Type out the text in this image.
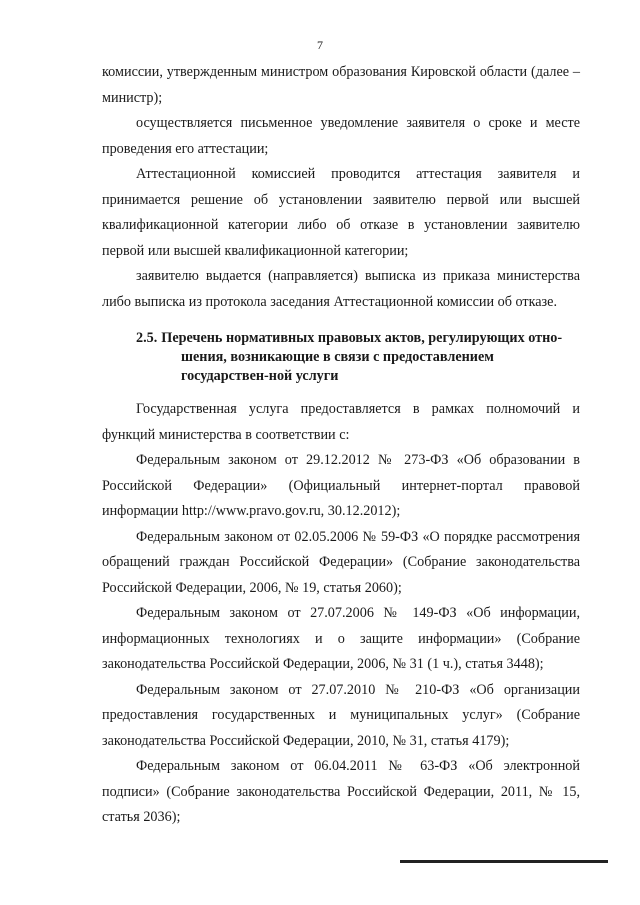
7

комиссии, утвержденным министром образования Кировской области (далее – министр);

осуществляется письменное уведомление заявителя о сроке и месте проведения его аттестации;

Аттестационной комиссией проводится аттестация заявителя и принимается решение об установлении заявителю первой или высшей квалификационной категории либо об отказе в установлении заявителю первой или высшей квалификационной категории;

заявителю выдается (направляется) выписка из приказа министерства либо выписка из протокола заседания Аттестационной комиссии об отказе.

2.5. Перечень нормативных правовых актов, регулирующих отно-
шения, возникающие в связи с предоставлением государствен-ной услуги

Государственная услуга предоставляется в рамках полномочий и функций министерства в соответствии с:

Федеральным законом от 29.12.2012 № 273-ФЗ «Об образовании в Российской Федерации» (Официальный интернет-портал правовой информации http://www.pravo.gov.ru, 30.12.2012);

Федеральным законом от 02.05.2006 № 59-ФЗ «О порядке рассмотрения обращений граждан Российской Федерации» (Собрание законодательства Российской Федерации, 2006, № 19, статья 2060);

Федеральным законом от 27.07.2006 № 149-ФЗ «Об информации, информационных технологиях и о защите информации» (Собрание законодательства Российской Федерации, 2006, № 31 (1 ч.), статья 3448);

Федеральным законом от 27.07.2010 № 210-ФЗ «Об организации предоставления государственных и муниципальных услуг» (Собрание законодательства Российской Федерации, 2010, № 31, статья 4179);

Федеральным законом от 06.04.2011 № 63-ФЗ «Об электронной подписи» (Собрание законодательства Российской Федерации, 2011, № 15, статья 2036);
